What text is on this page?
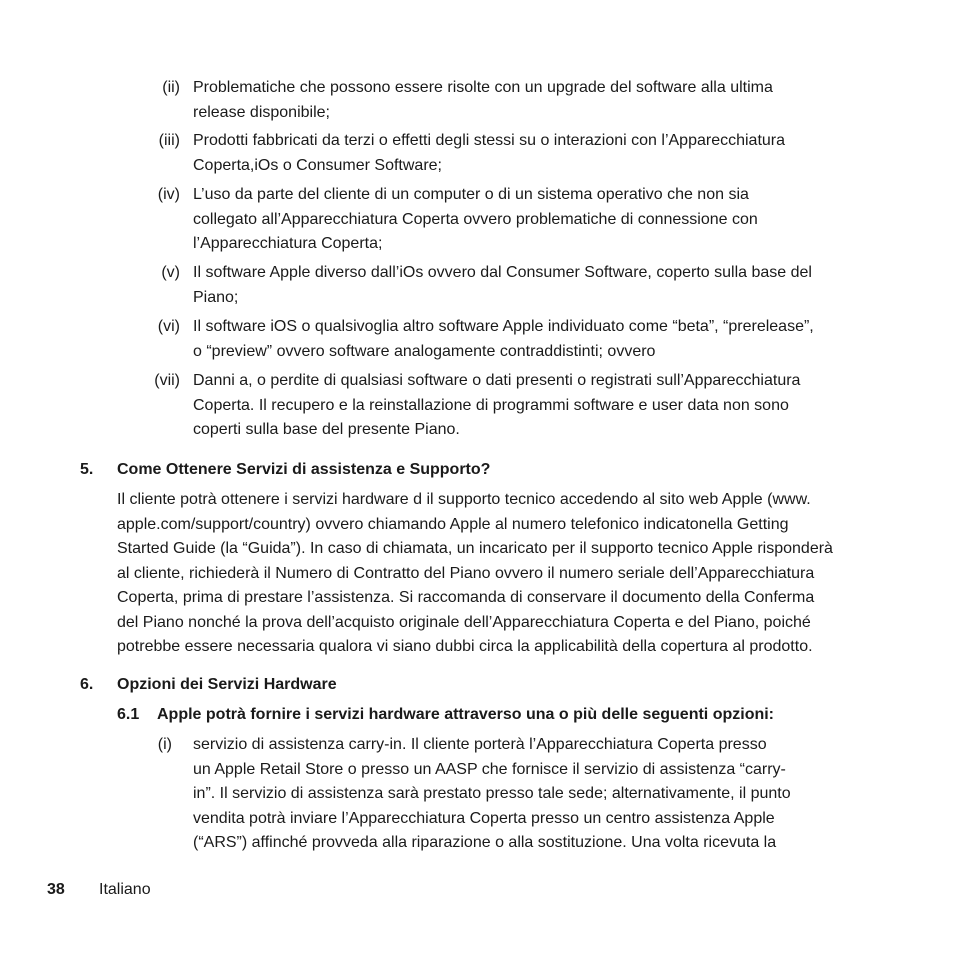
(ii) Problematiche che possono essere risolte con un upgrade del software alla ultima
release disponibile;
(iii) Prodotti fabbricati da terzi o effetti degli stessi su o interazioni con l’Apparecchiatura
Coperta,iOs o Consumer Software;
(iv) L’uso da parte del cliente di un computer o di un sistema operativo che non sia
collegato all’Apparecchiatura Coperta ovvero problematiche di connessione con
l’Apparecchiatura Coperta;
(v) Il software Apple diverso dall’iOs ovvero dal Consumer Software, coperto sulla base del
Piano;
(vi) Il software iOS o qualsivoglia altro software Apple individuato come “beta”, “prerelease”,
o “preview” ovvero software analogamente contraddistinti; ovvero
(vii) Danni a, o perdite di qualsiasi software o dati presenti o registrati sull’Apparecchiatura
Coperta. Il recupero e la reinstallazione di programmi software e user data non sono
coperti sulla base del presente Piano.
5. Come Ottenere Servizi di assistenza e Supporto?
Il cliente potrà ottenere i servizi hardware d il supporto tecnico accedendo al sito web Apple (www.
apple.com/support/country) ovvero chiamando Apple al numero telefonico indicatonella Getting
Started Guide (la “Guida”). In caso di chiamata, un incaricato per il supporto tecnico Apple risponderà
al cliente, richiederà il Numero di Contratto del Piano ovvero il numero seriale dell’Apparecchiatura
Coperta, prima di prestare l’assistenza. Si raccomanda di conservare il documento della Conferma
del Piano nonché la prova dell’acquisto originale dell’Apparecchiatura Coperta e del Piano, poiché
potrebbe essere necessaria qualora vi siano dubbi circa la applicabilità della copertura al prodotto.
6. Opzioni dei Servizi Hardware
6.1 Apple potrà fornire i servizi hardware attraverso una o più delle seguenti opzioni:
(i) servizio di assistenza carry-in. Il cliente porterà l’Apparecchiatura Coperta presso
un Apple Retail Store o presso un AASP che fornisce il servizio di assistenza “carry-
in”. Il servizio di assistenza sarà prestato presso tale sede; alternativamente, il punto
vendita potrà inviare l’Apparecchiatura Coperta presso un centro assistenza Apple
(“ARS”) affinché provveda alla riparazione o alla sostituzione. Una volta ricevuta la
38 Italiano
